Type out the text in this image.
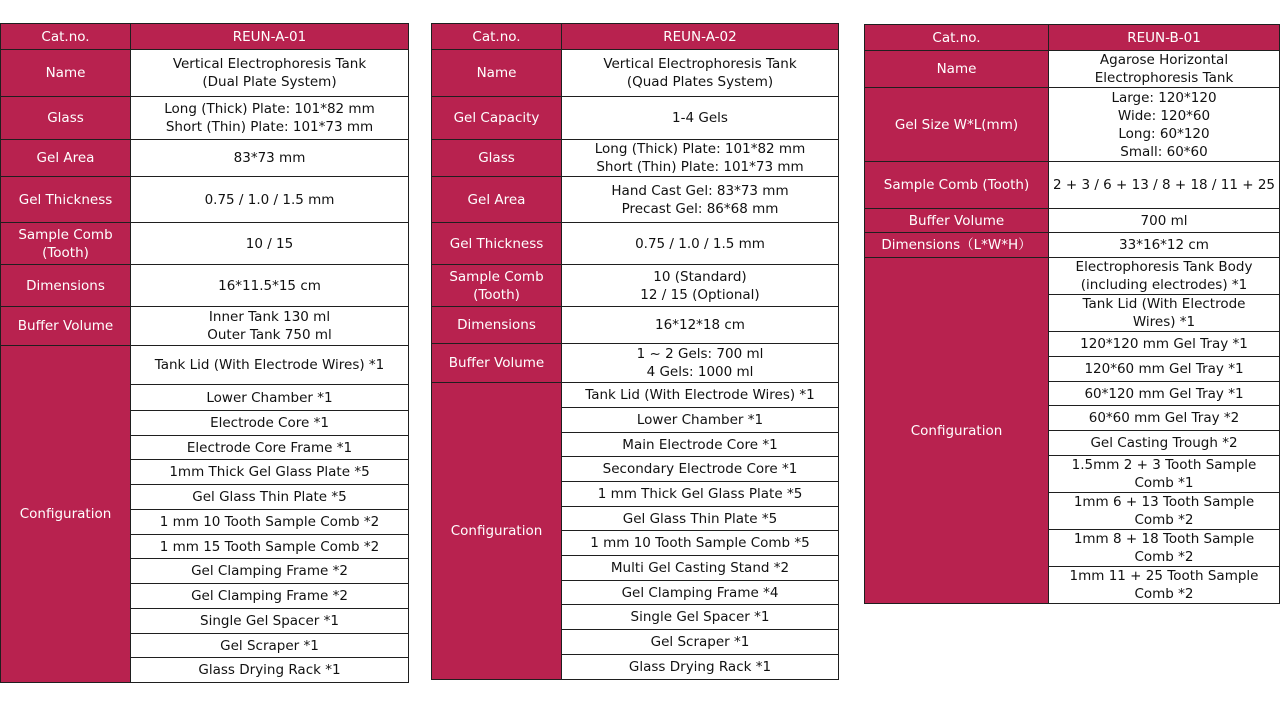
Cat.no.	REUN-A-01
Name	Vertical Electrophoresis Tank
(Dual Plate System)
Glass	Long (Thick) Plate: 101*82 mm
Short (Thin) Plate: 101*73 mm
Gel Area	83*73 mm
Gel Thickness	0.75 / 1.0 / 1.5 mm
Sample Comb
(Tooth)	10 / 15
Dimensions	16*11.5*15 cm
Buffer Volume	Inner Tank 130 ml
Outer Tank 750 ml
Configuration	Tank Lid (With Electrode Wires) *1
	Lower Chamber *1
	Electrode Core *1
	Electrode Core Frame *1
	1mm Thick Gel Glass Plate *5
	Gel Glass Thin Plate *5
	1 mm 10 Tooth Sample Comb *2
	1 mm 15 Tooth Sample Comb *2
	Gel Clamping Frame *2
	Gel Clamping Frame *2
	Single Gel Spacer *1
	Gel Scraper *1
	Glass Drying Rack *1
Cat.no.	REUN-A-02
Name	Vertical Electrophoresis Tank
(Quad Plates System)
Gel Capacity	1-4 Gels
Glass	Long (Thick) Plate: 101*82 mm
Short (Thin) Plate: 101*73 mm
Gel Area	Hand Cast Gel: 83*73 mm
Precast Gel: 86*68 mm
Gel Thickness	0.75 / 1.0 / 1.5 mm
Sample Comb
(Tooth)	10 (Standard)
12 / 15 (Optional)
Dimensions	16*12*18 cm
Buffer Volume	1 ~ 2 Gels: 700 ml
4 Gels: 1000 ml
Configuration	Tank Lid (With Electrode Wires) *1
	Lower Chamber *1
	Main Electrode Core *1
	Secondary Electrode Core *1
	1 mm Thick Gel Glass Plate *5
	Gel Glass Thin Plate *5
	1 mm 10 Tooth Sample Comb *5
	Multi Gel Casting Stand *2
	Gel Clamping Frame *4
	Single Gel Spacer *1
	Gel Scraper *1
	Glass Drying Rack *1
Cat.no.	REUN-B-01
Name	Agarose Horizontal
Electrophoresis Tank
Gel Size W*L(mm)	Large: 120*120
Wide: 120*60
Long: 60*120
Small: 60*60
Sample Comb (Tooth)	2 + 3 / 6 + 13 / 8 + 18 / 11 + 25
Buffer Volume	700 ml
Dimensions（L*W*H）	33*16*12 cm
Configuration	Electrophoresis Tank Body
(including electrodes) *1
	Tank Lid (With Electrode
Wires) *1
	120*120 mm Gel Tray *1
	120*60 mm Gel Tray *1
	60*120 mm Gel Tray *1
	60*60 mm Gel Tray *2
	Gel Casting Trough *2
	1.5mm 2 + 3 Tooth Sample
Comb *1
	1mm 6 + 13 Tooth Sample
Comb *2
	1mm 8 + 18 Tooth Sample
Comb *2
	1mm 11 + 25 Tooth Sample
Comb *2
